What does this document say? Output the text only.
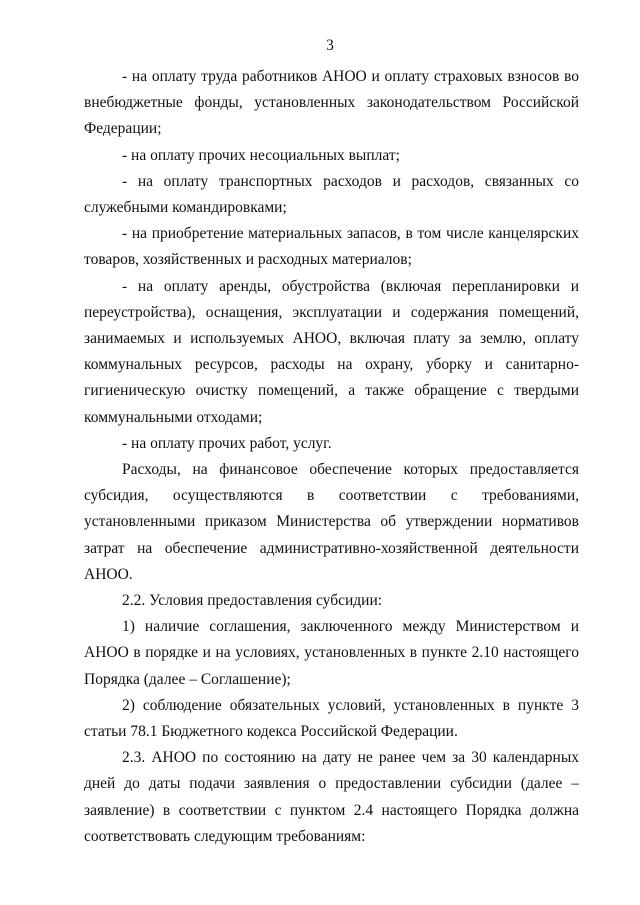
3

- на оплату труда работников АНОО и оплату страховых взносов во внебюджетные фонды, установленных законодательством Российской Федерации;

- на оплату прочих несоциальных выплат;

- на оплату транспортных расходов и расходов, связанных со служебными командировками;

- на приобретение материальных запасов, в том числе канцелярских товаров, хозяйственных и расходных материалов;

- на оплату аренды, обустройства (включая перепланировки и переустройства), оснащения, эксплуатации и содержания помещений, занимаемых и используемых АНОО, включая плату за землю, оплату коммунальных ресурсов, расходы на охрану, уборку и санитарно-гигиеническую очистку помещений, а также обращение с твердыми коммунальными отходами;

- на оплату прочих работ, услуг.

Расходы, на финансовое обеспечение которых предоставляется субсидия, осуществляются в соответствии с требованиями, установленными приказом Министерства об утверждении нормативов затрат на обеспечение административно-хозяйственной деятельности АНОО.

2.2. Условия предоставления субсидии:

1) наличие соглашения, заключенного между Министерством и АНОО в порядке и на условиях, установленных в пункте 2.10 настоящего Порядка (далее – Соглашение);

2) соблюдение обязательных условий, установленных в пункте 3 статьи 78.1 Бюджетного кодекса Российской Федерации.

2.3. АНОО по состоянию на дату не ранее чем за 30 календарных дней до даты подачи заявления о предоставлении субсидии (далее – заявление) в соответствии с пунктом 2.4 настоящего Порядка должна соответствовать следующим требованиям:
